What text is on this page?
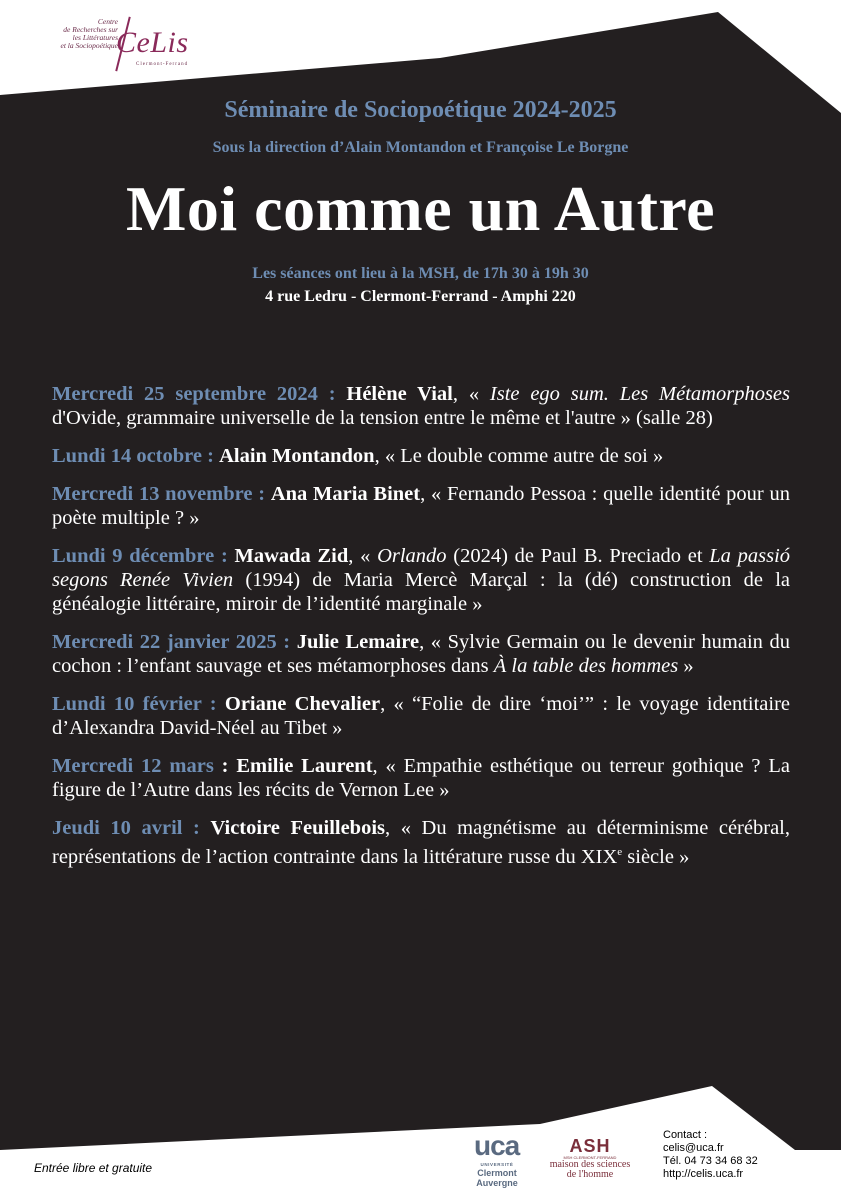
Centre
de Recherches sur
les Littératures
et la Sociopoétique
CeLis
Clermont-Ferrand
Séminaire de Sociopoétique 2024-2025
Sous la direction d’Alain Montandon et Françoise Le Borgne
Moi comme un Autre
Les séances ont lieu à la MSH, de 17h 30 à 19h 30
4 rue Ledru - Clermont-Ferrand - Amphi 220
Mercredi 25 septembre 2024 : Hélène Vial, « Iste ego sum. Les Métamorphoses d'Ovide, grammaire universelle de la tension entre le même et l'autre » (salle 28)
Lundi 14 octobre : Alain Montandon, « Le double comme autre de soi »
Mercredi 13 novembre : Ana Maria Binet, « Fernando Pessoa : quelle identité pour un poète multiple ? »
Lundi 9 décembre : Mawada Zid, « Orlando (2024) de Paul B. Preciado et La passió segons Renée Vivien (1994) de Maria Mercè Marçal : la (dé) construction de la généalogie littéraire, miroir de l’identité marginale »
Mercredi 22 janvier 2025 : Julie Lemaire, « Sylvie Germain ou le devenir humain du cochon : l’enfant sauvage et ses métamorphoses dans À la table des hommes »
Lundi 10 février : Oriane Chevalier, « “Folie de dire ‘moi’” : le voyage identitaire d’Alexandra David-Néel au Tibet »
Mercredi 12 mars : Emilie Laurent, « Empathie esthétique ou terreur gothique ? La figure de l’Autre dans les récits de Vernon Lee »
Jeudi 10 avril : Victoire Feuillebois, « Du magnétisme au déterminisme cérébral, représentations de l’action contrainte dans la littérature russe du XIXe siècle »
Entrée libre et gratuite
uca
UNIVERSITÉ
Clermont
Auvergne
ASH
MSH CLERMONT-FERRAND
maison des sciences
de l'homme
Contact :
celis@uca.fr
Tél. 04 73 34 68 32
http://celis.uca.fr
